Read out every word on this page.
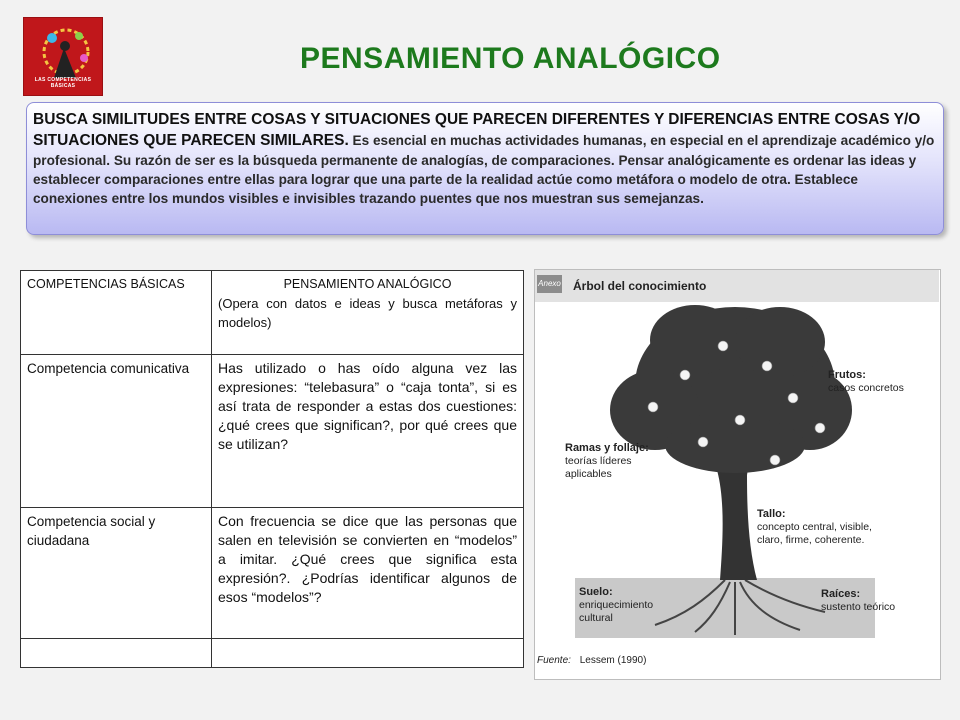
LAS COMPETENCIAS BÁSICAS
PENSAMIENTO ANALÓGICO
BUSCA SIMILITUDES ENTRE COSAS Y SITUACIONES QUE PARECEN DIFERENTES Y DIFERENCIAS ENTRE COSAS Y/O SITUACIONES QUE PARECEN SIMILARES. Es esencial en muchas actividades humanas, en especial en el aprendizaje académico y/o profesional. Su razón de ser es la búsqueda permanente de analogías, de comparaciones. Pensar analógicamente es ordenar las ideas y establecer comparaciones entre ellas para lograr que una parte de la realidad actúe como metáfora o modelo de otra. Establece conexiones entre los mundos visibles e invisibles trazando puentes que nos muestran sus semejanzas.
COMPETENCIAS BÁSICAS	PENSAMIENTO ANALÓGICO
(Opera con datos e ideas y busca metáforas y modelos)

Competencia comunicativa	Has utilizado o has oído alguna vez las expresiones: “telebasura” o “caja tonta”, si es así trata de responder a estas dos cuestiones: ¿qué crees que significan?, por qué crees que se utilizan?
Competencia social y ciudadana	Con frecuencia se dice que las personas que salen en televisión se convierten en “modelos” a imitar. ¿Qué crees que significa esta expresión?. ¿Podrías identificar algunos de esos “modelos”?

Anexo Árbol del conocimiento
Frutos:
casos concretos
Ramas y follaje:
teorías líderes
aplicables
Tallo:
concepto central, visible,
claro, firme, coherente.
Suelo:
enriquecimiento
cultural
Raíces:
sustento teórico
Fuente: Lessem (1990)
